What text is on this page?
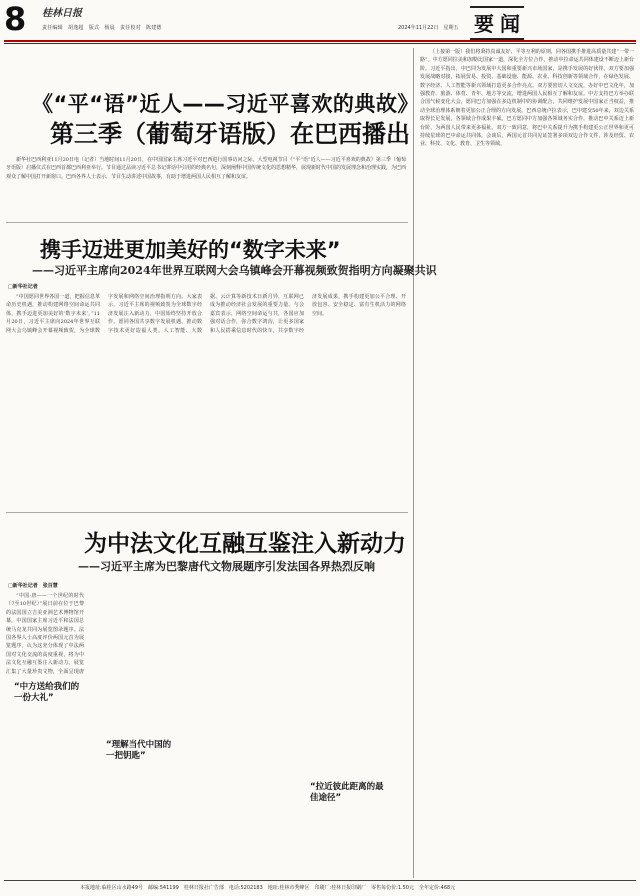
8 桂林日报
责任编辑　胡逸超　版式　杨晨　责任校对　陈建德	2024年11月22日　星期五 要闻
《“平“语”近人——习近平喜欢的典故》
第三季（葡萄牙语版）在巴西播出

新华社巴西利亚11月20日电（记者）当地时间11月20日，在中国国家主席习近平对巴西进行国事访问之际，大型电视节目《“平“语”近人——习近平喜欢的典故》第三季（葡萄牙语版）启播仪式在巴西首都巴西利亚举行。节目通过品读习近平总书记讲话中引用的经典名句，深刻阐释中国传统文化的思想精华，展现新时代中国的发展理念和治理实践，为巴西观众了解中国打开新窗口。巴西各界人士表示，节目生动讲述中国故事，有助于增进两国人民相互了解和友谊。

携手迈进更加美好的“数字未来”
——习近平主席向2024年世界互联网大会乌镇峰会开幕视频致贺指明方向凝聚共识
□新华社记者

“中国愿同世界各国一道，把握信息革命历史机遇，推动构建网络空间命运共同体，携手迈进更加美好的‘数字未来’。”11月20日，习近平主席向2024年世界互联网大会乌镇峰会开幕视频致贺，为全球数字发展和网络空间治理指明方向。大家表示，习近平主席的视频致贺为全球数字经济发展注入新动力，中国始终坚持开放合作，愿同各国共享数字发展机遇，推动数字技术更好造福人类。人工智能、大数据、云计算等新技术日新月异，互联网已成为推动经济社会发展的重要力量。与会嘉宾表示，网络空间命运与共，各国应加强对话合作，弥合数字鸿沟，让更多国家和人民搭乘信息时代的快车，共享数字经济发展成果，携手构建更加公平合理、开放包容、安全稳定、富有生机活力的网络空间。

为中法文化互融互鉴注入新动力
——习近平主席为巴黎唐代文物展题序引发法国各界热烈反响
□新华社记者　张百慧

“中国·唐——一个世纪的时代（7至10世纪）”展日前在位于巴黎的法国国立吉美亚洲艺术博物馆开幕。中国国家主席习近平和法国总统马克龙共同为展览图录题序。法国各界人士高度评价两国元首为展览题序，认为这充分体现了中法两国对文化交流的高度重视，将为中法文化互融互鉴注入新动力。展览汇集了大量珍贵文物，全面呈现唐

“中方送给我们的一份大礼”
“理解当代中国的一把钥匙”
“拉近彼此距离的最佳途径”

（上接第一版）我们将秉持真诚友好、平等互利的原则，同各国携手推进高质量共建“一带一路”。中方愿同拉美和加勒比国家一道，深化全方位合作，推动中拉命运共同体建设不断迈上新台阶。习近平指出，中巴同为发展中大国和重要新兴市场国家，是携手发展的好伙伴。双方要加强发展战略对接，拓展贸易、投资、基础设施、能源、农业、科技创新等领域合作，在绿色发展、数字经济、人工智能等新兴领域打造更多合作亮点。双方要密切人文交流，办好中巴文化年，加强教育、旅游、体育、青年、地方等交流，增进两国人民相互了解和友谊。中方支持巴方举办联合国气候变化大会，愿同巴方加强在多边机制中的协调配合，共同维护发展中国家正当权益，推动全球治理体系朝着更加公正合理的方向发展。巴西总统卢拉表示，巴中建交50年来，双边关系取得长足发展，各领域合作成果丰硕。巴方愿同中方加强各领域务实合作，推动巴中关系迈上新台阶，为两国人民带来更多福祉。双方一致同意，将巴中关系提升为携手构建更公正世界和更可持续星球的巴中命运共同体。会谈后，两国元首共同见证签署多项双边合作文件，涉及经贸、农业、科技、文化、教育、卫生等领域。

本报地址:临桂区山水路49号　邮编:541199　桂林日报社广告部　电话:5202183　地址:桂林市秀峰区　印刷厂:桂林日报印刷厂　零售每份价:1.50元　全年定价:468元
